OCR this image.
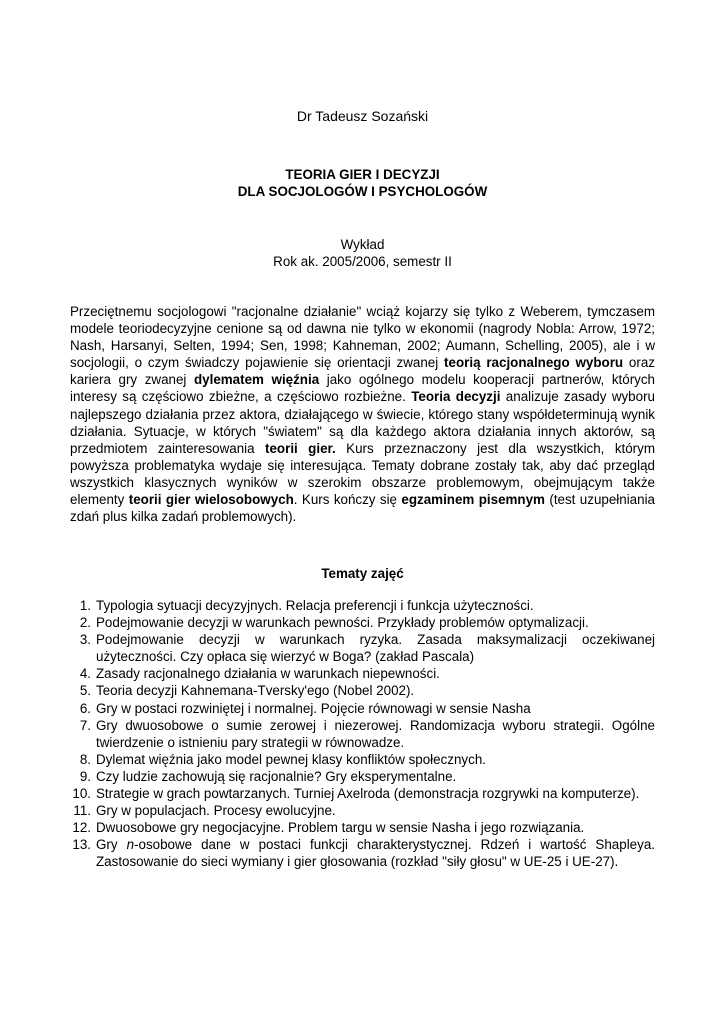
Dr Tadeusz Sozański
TEORIA GIER I DECYZJI
DLA SOCJOLOGÓW I PSYCHOLOGÓW
Wykład
Rok ak. 2005/2006, semestr II

Przeciętnemu socjologowi "racjonalne działanie" wciąż kojarzy się tylko z Weberem, tymczasem modele teoriodecyzyjne cenione są od dawna nie tylko w ekonomii (nagrody Nobla: Arrow, 1972; Nash, Harsanyi, Selten, 1994; Sen, 1998; Kahneman, 2002; Aumann, Schelling, 2005), ale i w socjologii, o czym świadczy pojawienie się orientacji zwanej teorią racjonalnego wyboru oraz kariera gry zwanej dylematem więźnia jako ogólnego modelu kooperacji partnerów, których interesy są częściowo zbieżne, a częściowo rozbieżne. Teoria decyzji analizuje zasady wyboru najlepszego działania przez aktora, działającego w świecie, którego stany współdeterminują wynik działania. Sytuacje, w których "światem" są dla każdego aktora działania innych aktorów, są przedmiotem zainteresowania teorii gier. Kurs przeznaczony jest dla wszystkich, którym powyższa problematyka wydaje się interesująca. Tematy dobrane zostały tak, aby dać przegląd wszystkich klasycznych wyników w szerokim obszarze problemowym, obejmującym także elementy teorii gier wielosobowych. Kurs kończy się egzaminem pisemnym (test uzupełniania zdań plus kilka zadań problemowych).

Tematy zajęć
1. Typologia sytuacji decyzyjnych. Relacja preferencji i funkcja użyteczności.
2. Podejmowanie decyzji w warunkach pewności. Przykłady problemów optymalizacji.
3. Podejmowanie decyzji w warunkach ryzyka. Zasada maksymalizacji oczekiwanej użyteczności. Czy opłaca się wierzyć w Boga? (zakład Pascala)
4. Zasady racjonalnego działania w warunkach niepewności.
5. Teoria decyzji Kahnemana-Tversky'ego (Nobel 2002).
6. Gry w postaci rozwiniętej i normalnej. Pojęcie równowagi w sensie Nasha
7. Gry dwuosobowe o sumie zerowej i niezerowej. Randomizacja wyboru strategii. Ogólne twierdzenie o istnieniu pary strategii w równowadze.
8. Dylemat więźnia jako model pewnej klasy konfliktów społecznych.
9. Czy ludzie zachowują się racjonalnie? Gry eksperymentalne.
10. Strategie w grach powtarzanych. Turniej Axelroda (demonstracja rozgrywki na komputerze).
11. Gry w populacjach. Procesy ewolucyjne.
12. Dwuosobowe gry negocjacyjne. Problem targu w sensie Nasha i jego rozwiązania.
13. Gry n-osobowe dane w postaci funkcji charakterystycznej. Rdzeń i wartość Shapleya. Zastosowanie do sieci wymiany i gier głosowania (rozkład "siły głosu" w UE-25 i UE-27).
